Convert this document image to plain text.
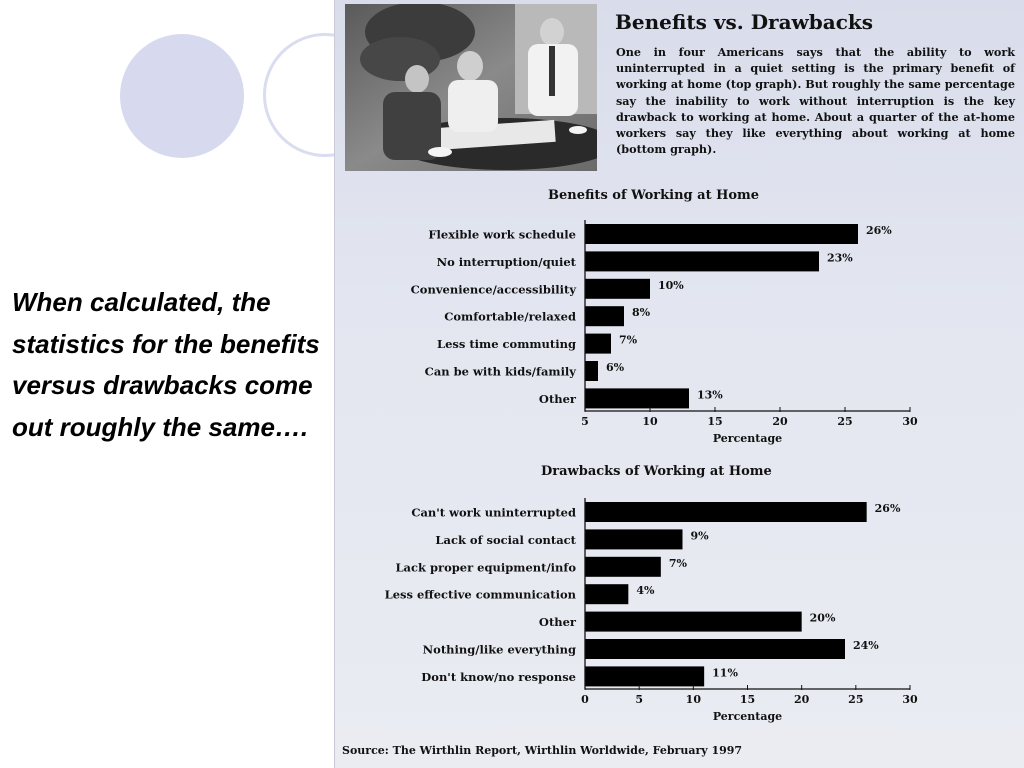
When calculated, the statistics for the benefits versus drawbacks come out roughly the same….
Benefits vs. Drawbacks

One in four Americans says that the ability to work uninterrupted in a quiet setting is the primary benefit of working at home (top graph). But roughly the same percentage say the inability to work without interruption is the key drawback to working at home. About a quarter of the at-home workers say they like everything about working at home (bottom graph).

Benefits of Working at Home
Flexible work schedule	26%
No interruption/quiet	23%
Convenience/accessibility	10%
Comfortable/relaxed	8%
Less time commuting	7%
Can be with kids/family	6%
Other	13%
5	10	15	20	25	30
Percentage
Drawbacks of Working at Home
Can't work uninterrupted	26%
Lack of social contact	9%
Lack proper equipment/info	7%
Less effective communication	4%
Other	20%
Nothing/like everything	24%
Don't know/no response	11%
0	5	10	15	20	25	30
Percentage

Source: The Wirthlin Report, Wirthlin Worldwide, February 1997
